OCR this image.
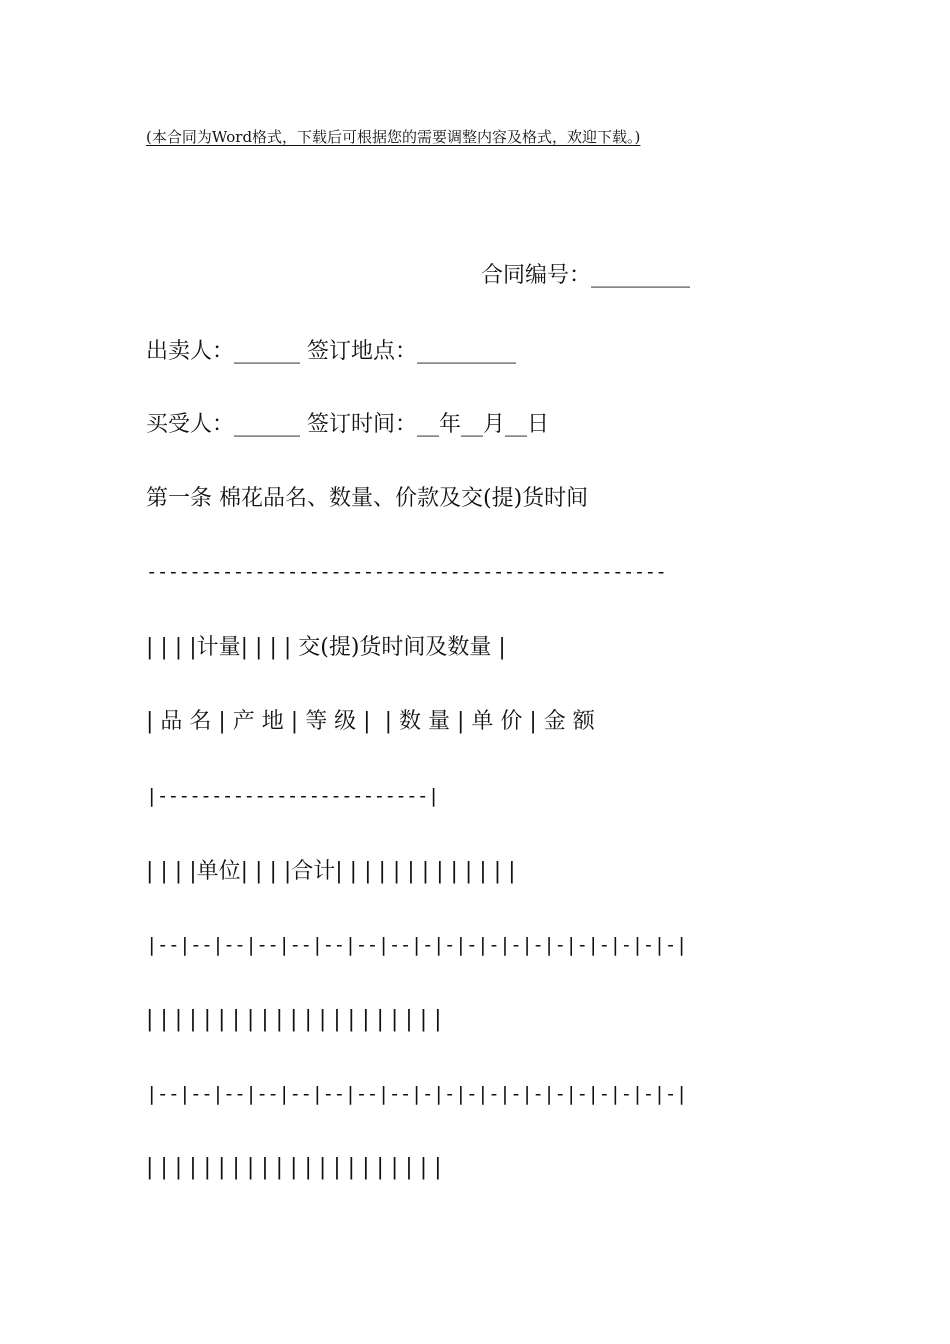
(本合同为Word格式，下载后可根据您的需要调整内容及格式，欢迎下载。)
合同编号：_________
出卖人：______ 签订地点：_________
买受人：______ 签订时间：__年__月__日
第一条 棉花品名、数量、价款及交(提)货时间
------------------------------------------------
| | | |计量| | | | 交(提)货时间及数量 |
| 品 名 | 产 地 | 等 级 |  | 数 量 | 单 价 | 金 额
|-------------------------|
| | | |单位| | | |合计| | | | | | | | | | | | |
|--|--|--|--|--|--|--|--|-|-|-|-|-|-|-|-|-|-|-|-|
| | | | | | | | | | | | | | | | | | | | |
|--|--|--|--|--|--|--|--|-|-|-|-|-|-|-|-|-|-|-|-|
| | | | | | | | | | | | | | | | | | | | |
